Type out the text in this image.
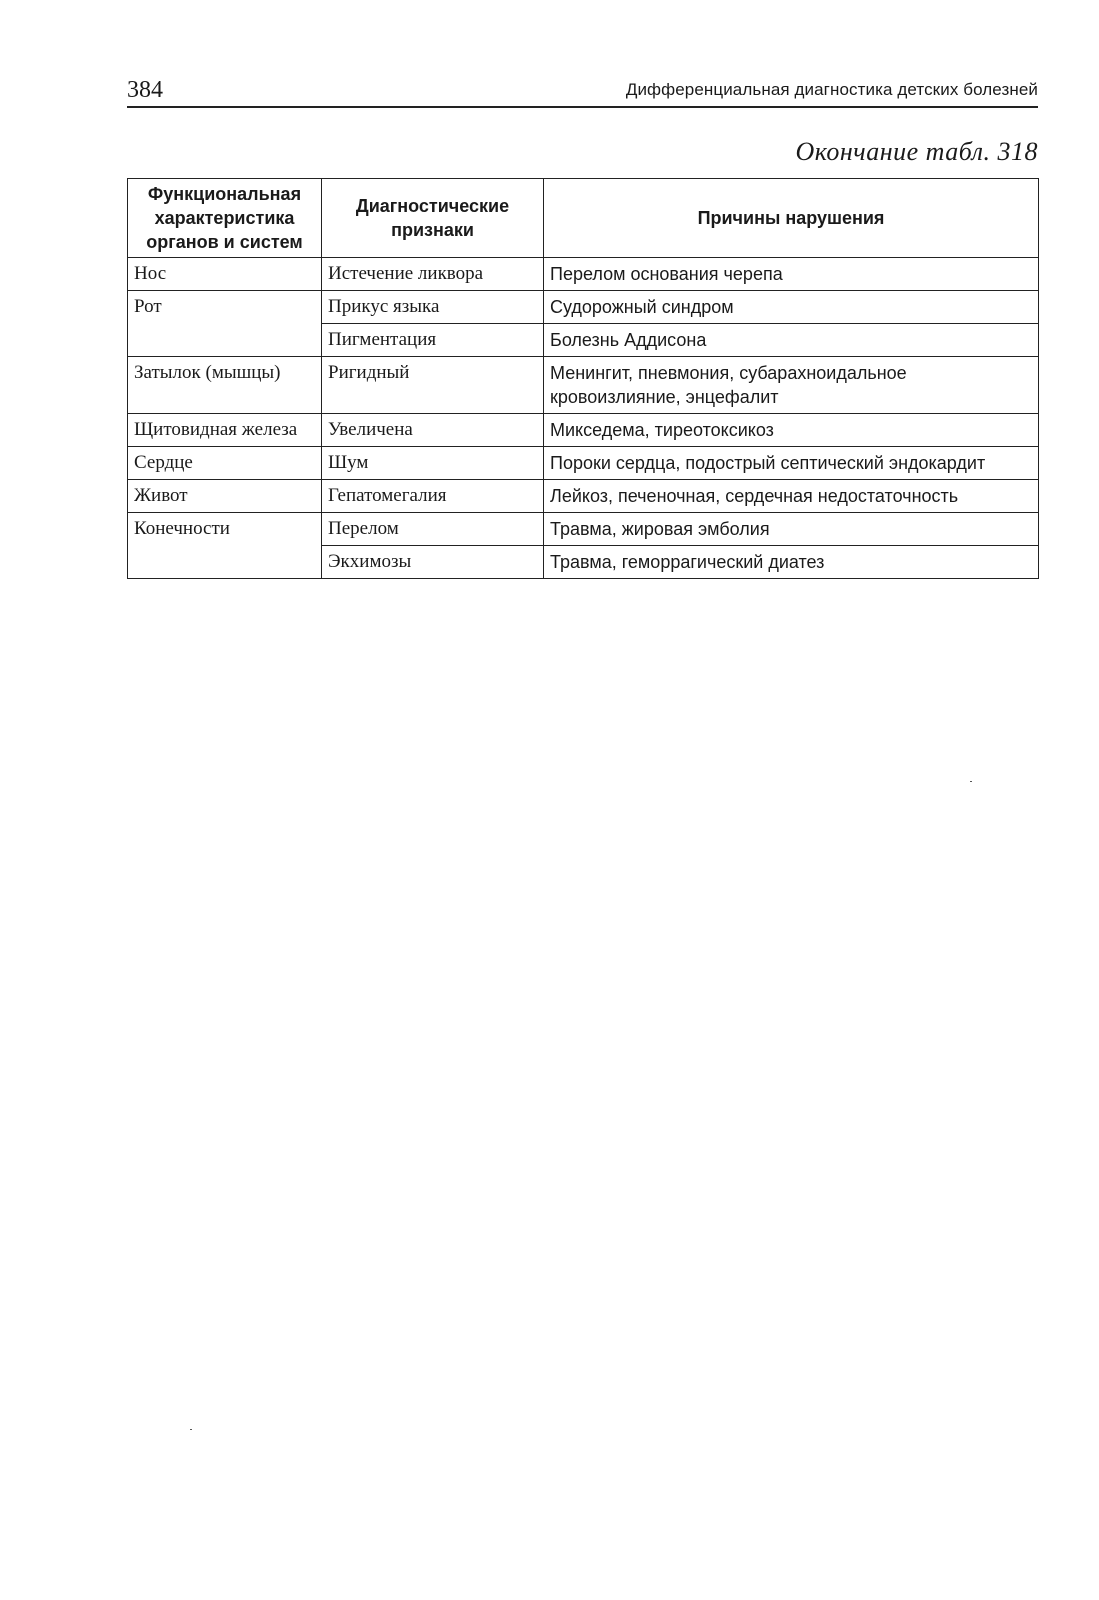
384	Дифференциальная диагностика детских болезней
Окончание табл. 318
Функциональная характеристика органов и систем	Диагностические признаки	Причины нарушения
Нос	Истечение ликвора	Перелом основания черепа
Рот	Прикус языка	Судорожный синдром
	Пигментация	Болезнь Аддисона
Затылок (мышцы)	Ригидный	Менингит, пневмония, субарахноидальное кровоизлияние, энцефалит
Щитовидная железа	Увеличена	Микседема, тиреотоксикоз
Сердце	Шум	Пороки сердца, подострый септический эндокардит
Живот	Гепатомегалия	Лейкоз, печеночная, сердечная недостаточность
Конечности	Перелом	Травма, жировая эмболия
	Экхимозы	Травма, геморрагический диатез
